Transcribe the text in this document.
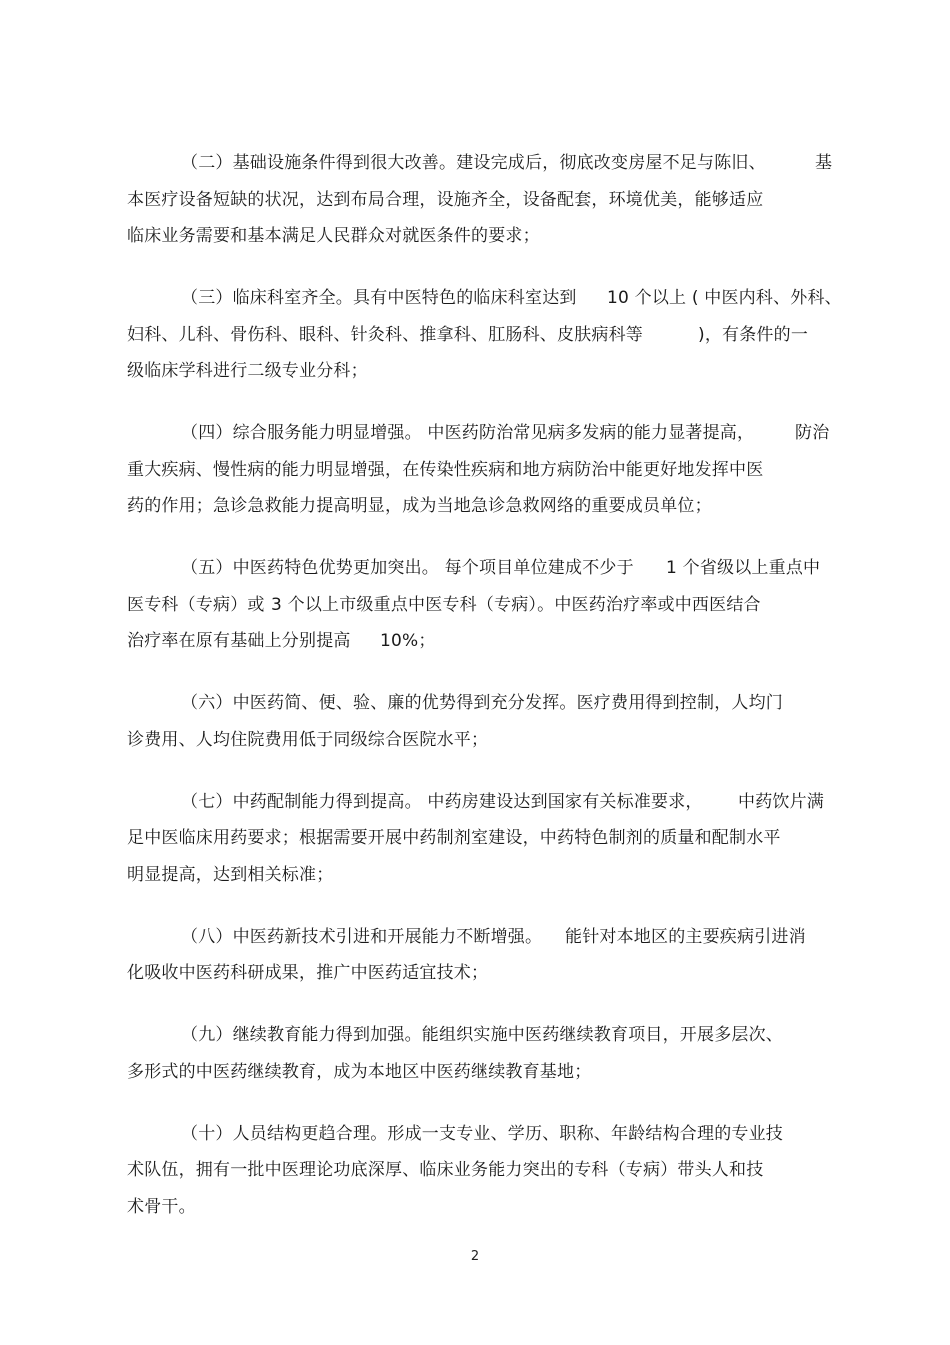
（二）基础设施条件得到很大改善。建设完成后，彻底改变房屋不足与陈旧、	基
本医疗设备短缺的状况，达到布局合理，设施齐全，设备配套，环境优美，能够适应
临床业务需要和基本满足人民群众对就医条件的要求；
（三）临床科室齐全。具有中医特色的临床科室达到 10 个以上 ( 中医内科、外科、
妇科、儿科、骨伤科、眼科、针灸科、推拿科、肛肠科、皮肤病科等	)，有条件的一
级临床学科进行二级专业分科；
（四）综合服务能力明显增强。 中医药防治常见病多发病的能力显著提高， 防治
重大疾病、慢性病的能力明显增强，在传染性疾病和地方病防治中能更好地发挥中医
药的作用；急诊急救能力提高明显，成为当地急诊急救网络的重要成员单位；
（五）中医药特色优势更加突出。 每个项目单位建成不少于 1 个省级以上重点中
医专科（专病）或 3 个以上市级重点中医专科（专病）。中医药治疗率或中西医结合
治疗率在原有基础上分别提高 10%；
（六）中医药简、便、验、廉的优势得到充分发挥。医疗费用得到控制，人均门
诊费用、人均住院费用低于同级综合医院水平；
（七）中药配制能力得到提高。 中药房建设达到国家有关标准要求， 中药饮片满
足中医临床用药要求；根据需要开展中药制剂室建设，中药特色制剂的质量和配制水平
明显提高，达到相关标准；
（八）中医药新技术引进和开展能力不断增强。 能针对本地区的主要疾病引进消
化吸收中医药科研成果，推广中医药适宜技术；
（九）继续教育能力得到加强。能组织实施中医药继续教育项目，开展多层次、
多形式的中医药继续教育，成为本地区中医药继续教育基地；
（十）人员结构更趋合理。形成一支专业、学历、职称、年龄结构合理的专业技
术队伍，拥有一批中医理论功底深厚、临床业务能力突出的专科（专病）带头人和技
术骨干。
2
